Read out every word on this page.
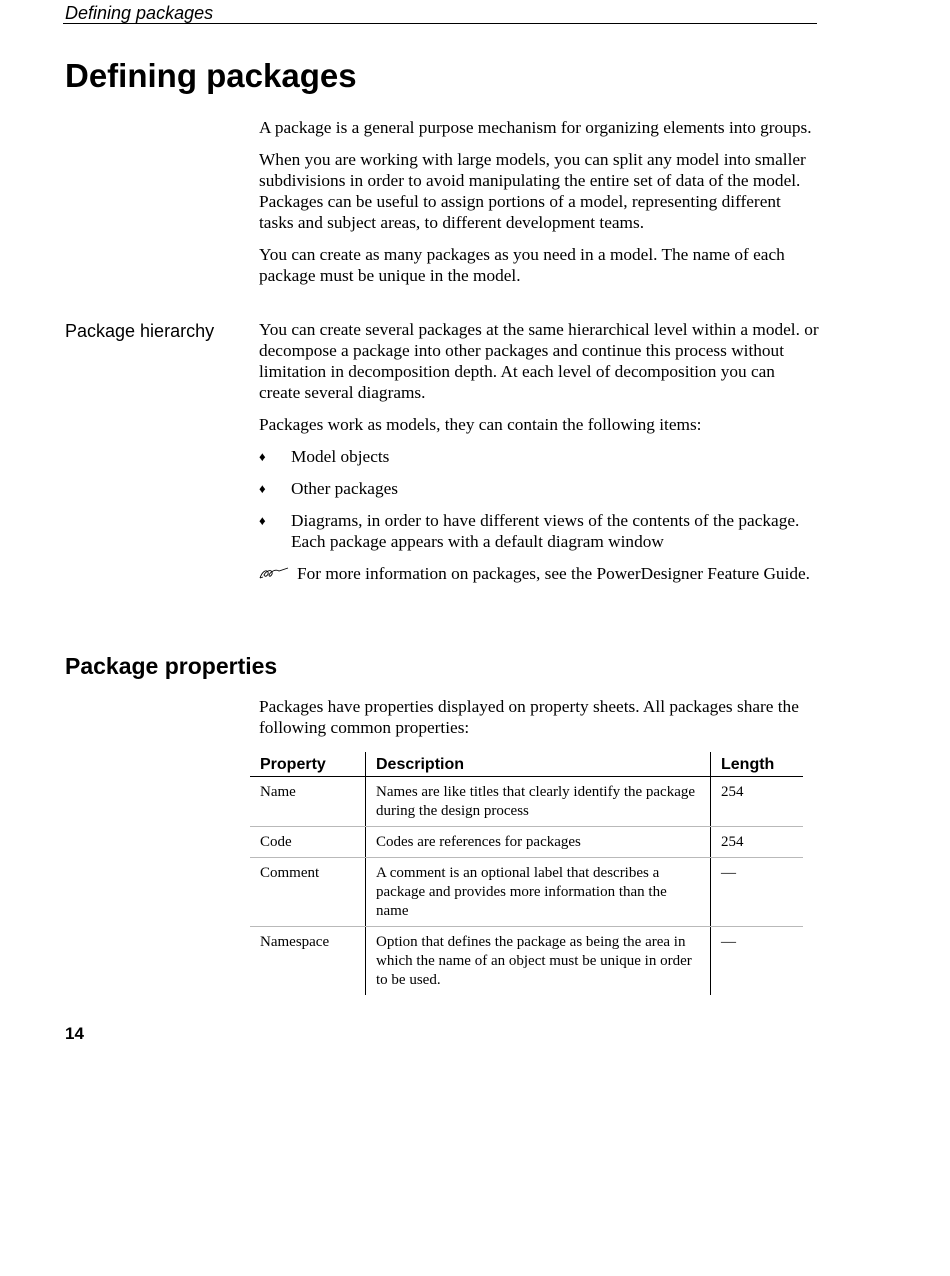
Defining packages
Defining packages

A package is a general purpose mechanism for organizing elements into groups.

When you are working with large models, you can split any model into smaller subdivisions in order to avoid manipulating the entire set of data of the model. Packages can be useful to assign portions of a model, representing different tasks and subject areas, to different development teams.

You can create as many packages as you need in a model. The name of each package must be unique in the model.

Package hierarchy	You can create several packages at the same hierarchical level within a model. or decompose a package into other packages and continue this process without limitation in decomposition depth. At each level of decomposition you can create several diagrams.

Packages work as models, they can contain the following items:

♦ Model objects
♦ Other packages
♦ Diagrams, in order to have different views of the contents of the package. Each package appears with a default diagram window

For more information on packages, see the PowerDesigner Feature Guide.

Package properties

Packages have properties displayed on property sheets. All packages share the following common properties:

Property	Description	Length
Name	Names are like titles that clearly identify the package during the design process	254
Code	Codes are references for packages	254
Comment	A comment is an optional label that describes a package and provides more information than the name	—
Namespace	Option that defines the package as being the area in which the name of an object must be unique in order to be used.	—
14
